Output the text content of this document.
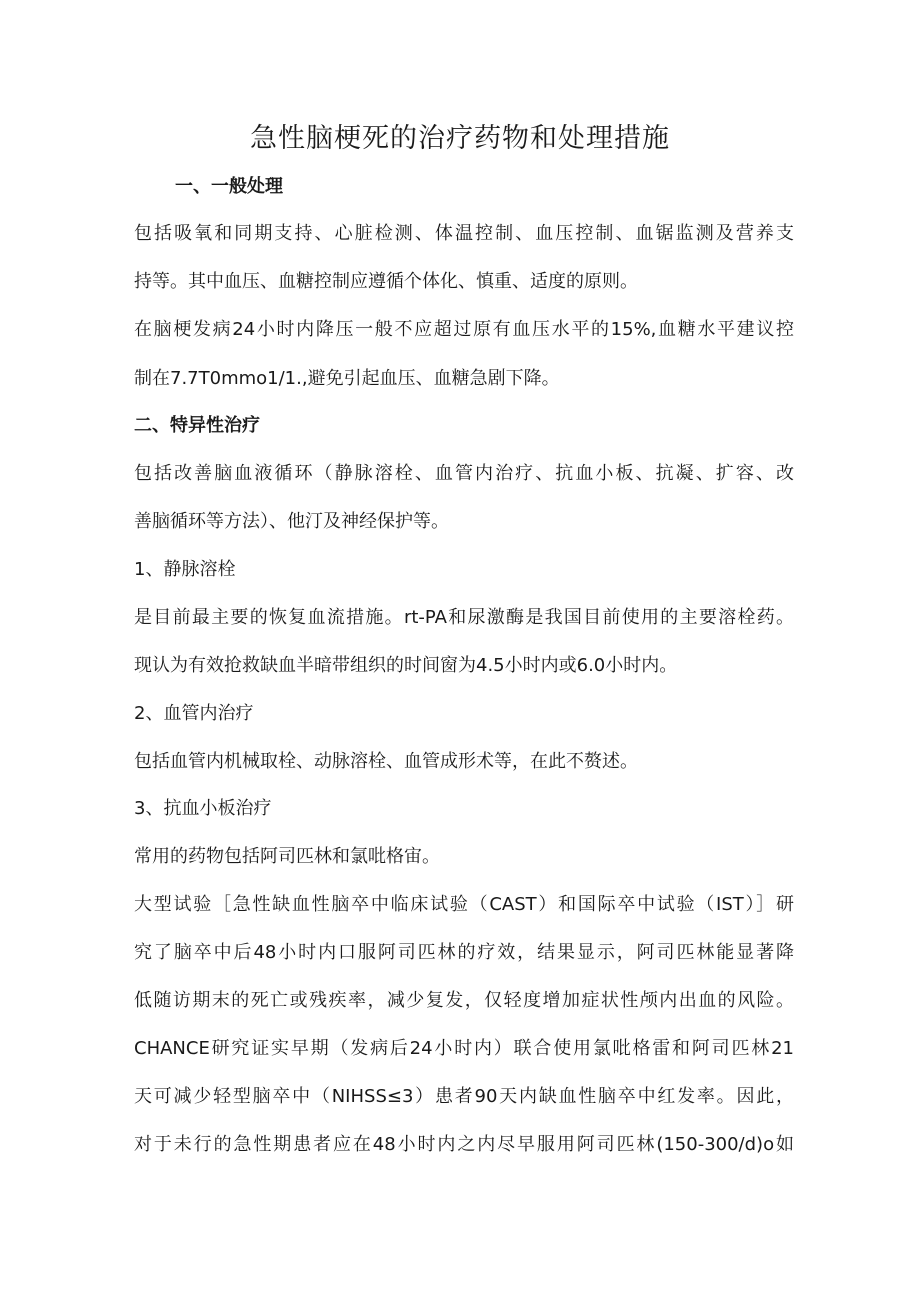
急性脑梗死的治疗药物和处理措施
一、一般处理
包括吸氧和同期支持、心脏检测、体温控制、血压控制、血锯监测及营养支
持等。其中血压、血糖控制应遵循个体化、慎重、适度的原则。
在脑梗发病24小时内降压一般不应超过原有血压水平的15%,血糖水平建议控
制在7.7T0mmo1/1.,避免引起血压、血糖急剧下降。
二、特异性治疗
包括改善脑血液循环（静脉溶栓、血管内治疗、抗血小板、抗凝、扩容、改
善脑循环等方法）、他汀及神经保护等。
1、静脉溶栓
是目前最主要的恢复血流措施。rt-PA和尿激酶是我国目前使用的主要溶栓药。
现认为有效抢救缺血半暗带组织的时间窗为4.5小时内或6.0小时内。
2、血管内治疗
包括血管内机械取栓、动脉溶栓、血管成形术等，在此不赘述。
3、抗血小板治疗
常用的药物包括阿司匹林和氯吡格宙。
大型试验［急性缺血性脑卒中临床试验（CAST）和国际卒中试验（IST）］研
究了脑卒中后48小时内口服阿司匹林的疗效，结果显示，阿司匹林能显著降
低随访期末的死亡或残疾率，减少复发，仅轻度增加症状性颅内出血的风险。
CHANCE研究证实早期（发病后24小时内）联合使用氯吡格雷和阿司匹林21
天可减少轻型脑卒中（NIHSS≤3）患者90天内缺血性脑卒中红发率。因此，
对于未行的急性期患者应在48小时内之内尽早服用阿司匹林(150-300/d)o如
